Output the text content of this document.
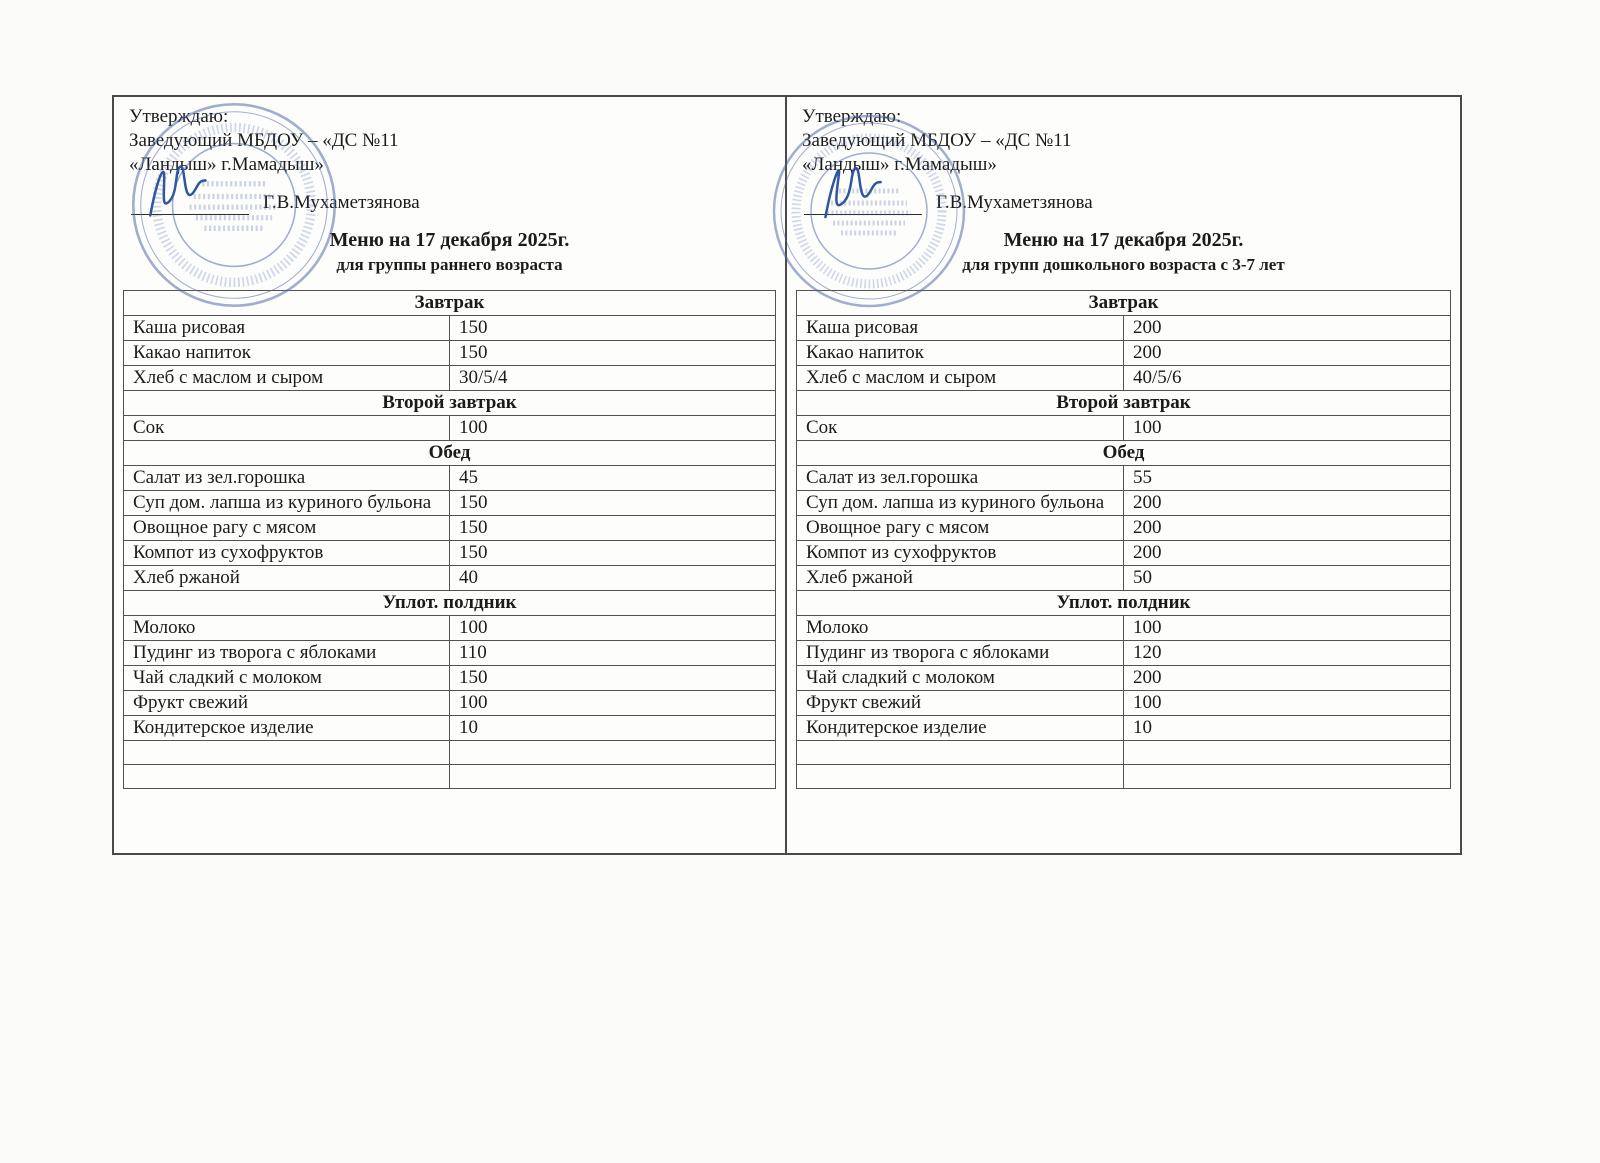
Утверждаю:
Заведующий МБДОУ – «ДС №11
«Ландыш» г.Мамадыш»
Г.В.Мухаметзянова
Меню на 17 декабря 2025г.
для группы раннего возраста
Завтрак	
Каша рисовая	150
Какао напиток	150
Хлеб с маслом и сыром	30/5/4
Второй завтрак	
Сок	100
Обед	
Салат из зел.горошка	45
Суп дом. лапша из куриного бульона	150
Овощное рагу с мясом	150
Компот из сухофруктов	150
Хлеб ржаной	40
Уплот. полдник	
Молоко	100
Пудинг из творога с яблоками	110
Чай сладкий с молоком	150
Фрукт свежий	100
Кондитерское изделие	10

Утверждаю:
Заведующий МБДОУ – «ДС №11
«Ландыш» г.Мамадыш»
Г.В.Мухаметзянова
Меню на 17 декабря 2025г.
для групп дошкольного возраста с 3-7 лет
Завтрак	
Каша рисовая	200
Какао напиток	200
Хлеб с маслом и сыром	40/5/6
Второй завтрак	
Сок	100
Обед	
Салат из зел.горошка	55
Суп дом. лапша из куриного бульона	200
Овощное рагу с мясом	200
Компот из сухофруктов	200
Хлеб ржаной	50
Уплот. полдник	
Молоко	100
Пудинг из творога с яблоками	120
Чай сладкий с молоком	200
Фрукт свежий	100
Кондитерское изделие	10
